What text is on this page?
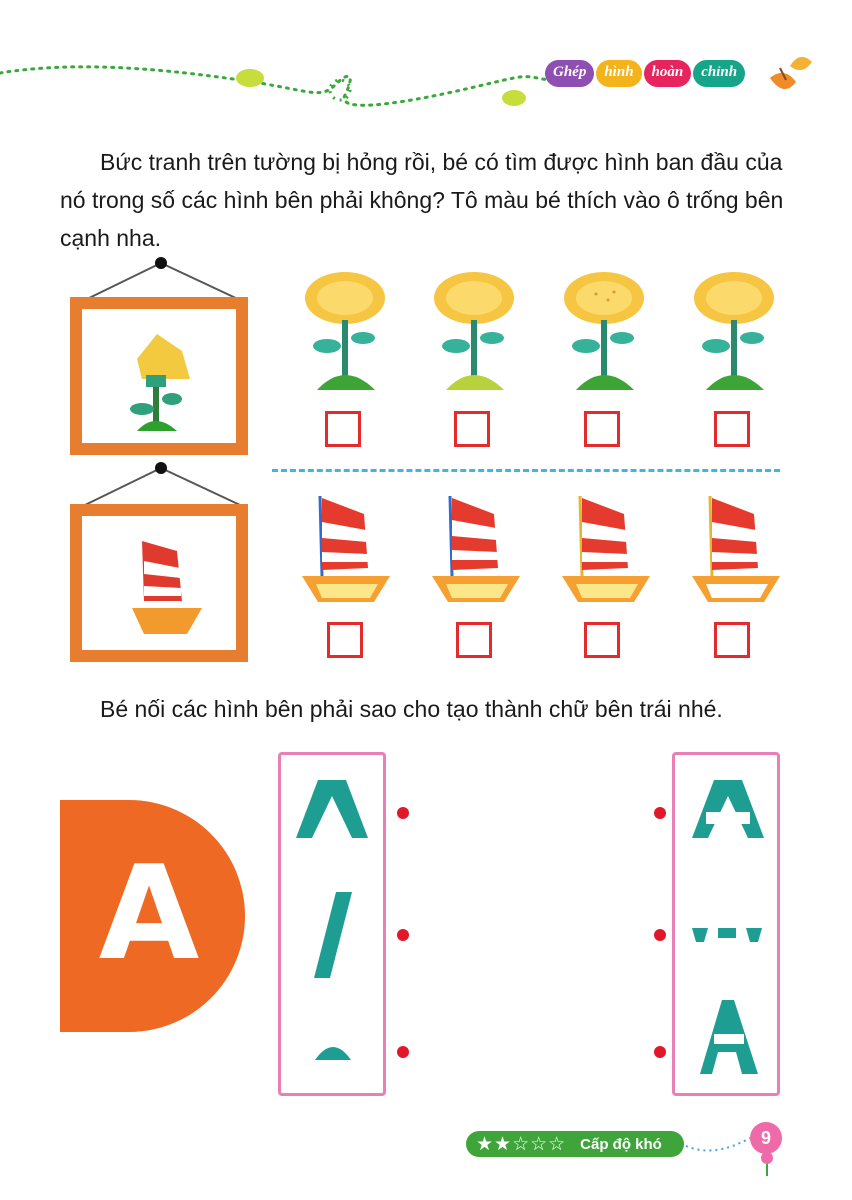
Ghép	hình	hoàn	chỉnh

Bức tranh trên tường bị hỏng rồi, bé có tìm được hình ban đầu của nó trong số các hình bên phải không? Tô màu bé thích vào ô trống bên cạnh nha.

Bé nối các hình bên phải sao cho tạo thành chữ bên trái nhé.

A
★★☆☆☆ Cấp độ khó	9
